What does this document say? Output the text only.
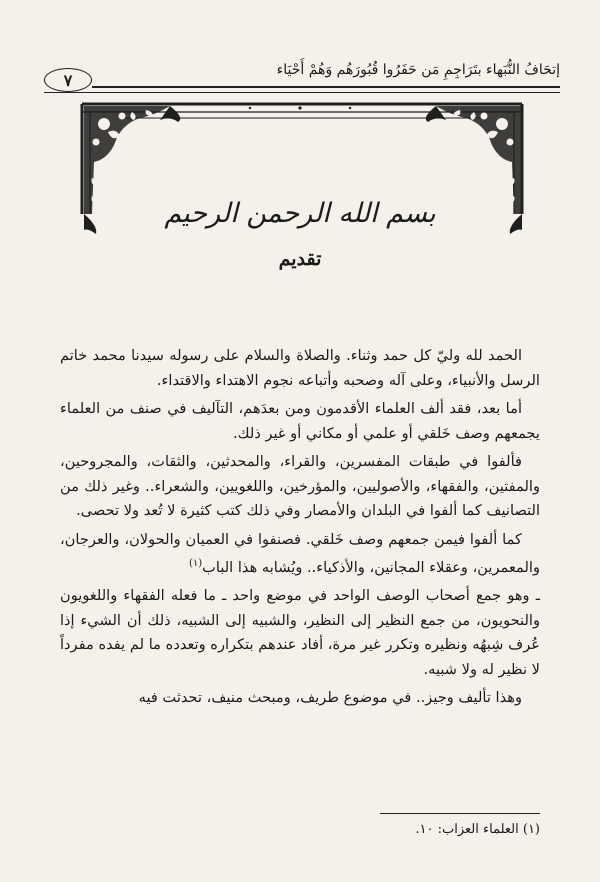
إتحَافُ النُّبَهاء بتَرَاجِمِ مَن حَفَرُوا قُبُورَهُم وَهُمْ أَحْيَاء
٧
بسم الله الرحمن الرحيم
تقديم

الحمد لله وليّ كل حمد وثناء. والصلاة والسلام على رسوله سيدنا محمد خاتم الرسل والأنبياء، وعلى آله وصحبه وأتباعه نجوم الاهتداء والاقتداء.

أما بعد، فقد ألف العلماء الأقدمون ومن بعدَهم، التآليف في صنف من العلماء يجمعهم وصف خَلقي أو علمي أو مكاني أو غير ذلك.

فألفوا في طبقات المفسرين، والقراء، والمحدثين، والثقات، والمجروحين، والمفتين، والفقهاء، والأصوليين، والمؤرخين، واللغويين، والشعراء.. وغير ذلك من التصانيف كما ألفوا في البلدان والأمصار وفي ذلك كتب كثيرة لا تُعد ولا تحصى.

كما ألفوا فيمن جمعهم وصف خَلقي. فصنفوا في العميان والحولان، والعرجان، والمعمرين، وعقلاء المجانين، والأذكياء.. ويُشابه هذا الباب$^{(١)}$

ـ وهو جمع أصحاب الوصف الواحد في موضع واحد ـ ما فعله الفقهاء واللغويون والنحويون، من جمع النظير إلى النظير، والشبيه إلى الشبيه، ذلك أن الشيء إذا عُرف شِبهُه ونظيره وتكرر غير مرة، أفاد عندهم بتكراره وتعدده ما لم يفده مفرداً لا نظير له ولا شبيه.

وهذا تأليف وجيز.. في موضوع طريف، ومبحث منيف، تحدثت فيه

(١) العلماء العزاب: ١٠.
